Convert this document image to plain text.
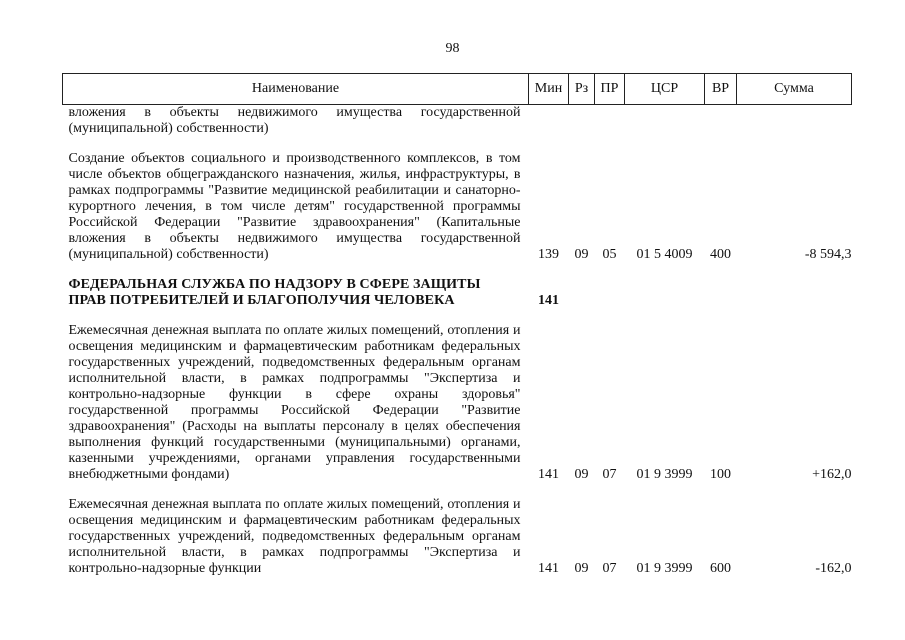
98
Наименование	Мин	Рз	ПР	ЦСР	ВР	Сумма
вложения в объекты недвижимого имущества государственной (муниципальной) собственности)						

Создание объектов социального и производственного комплексов, в том числе объектов общегражданского назначения, жилья, инфраструктуры, в рамках подпрограммы "Развитие медицинской реабилитации и санаторно-курортного лечения, в том числе детям" государственной программы Российской Федерации "Развитие здравоохранения" (Капитальные вложения в объекты недвижимого имущества государственной (муниципальной) собственности)	139	09	05	01 5 4009	400	-8 594,3

ФЕДЕРАЛЬНАЯ СЛУЖБА ПО НАДЗОРУ В СФЕРЕ ЗАЩИТЫ ПРАВ ПОТРЕБИТЕЛЕЙ И БЛАГОПОЛУЧИЯ ЧЕЛОВЕКА	141					

Ежемесячная денежная выплата по оплате жилых помещений, отопления и освещения медицинским и фармацевтическим работникам федеральных государственных учреждений, подведомственных федеральным органам исполнительной власти, в рамках подпрограммы "Экспертиза и контрольно-надзорные функции в сфере охраны здоровья" государственной программы Российской Федерации "Развитие здравоохранения" (Расходы на выплаты персоналу в целях обеспечения выполнения функций государственными (муниципальными) органами, казенными учреждениями, органами управления государственными внебюджетными фондами)	141	09	07	01 9 3999	100	+162,0

Ежемесячная денежная выплата по оплате жилых помещений, отопления и освещения медицинским и фармацевтическим работникам федеральных государственных учреждений, подведомственных федеральным органам исполнительной власти, в рамках подпрограммы "Экспертиза и контрольно-надзорные функции	141	09	07	01 9 3999	600	-162,0
